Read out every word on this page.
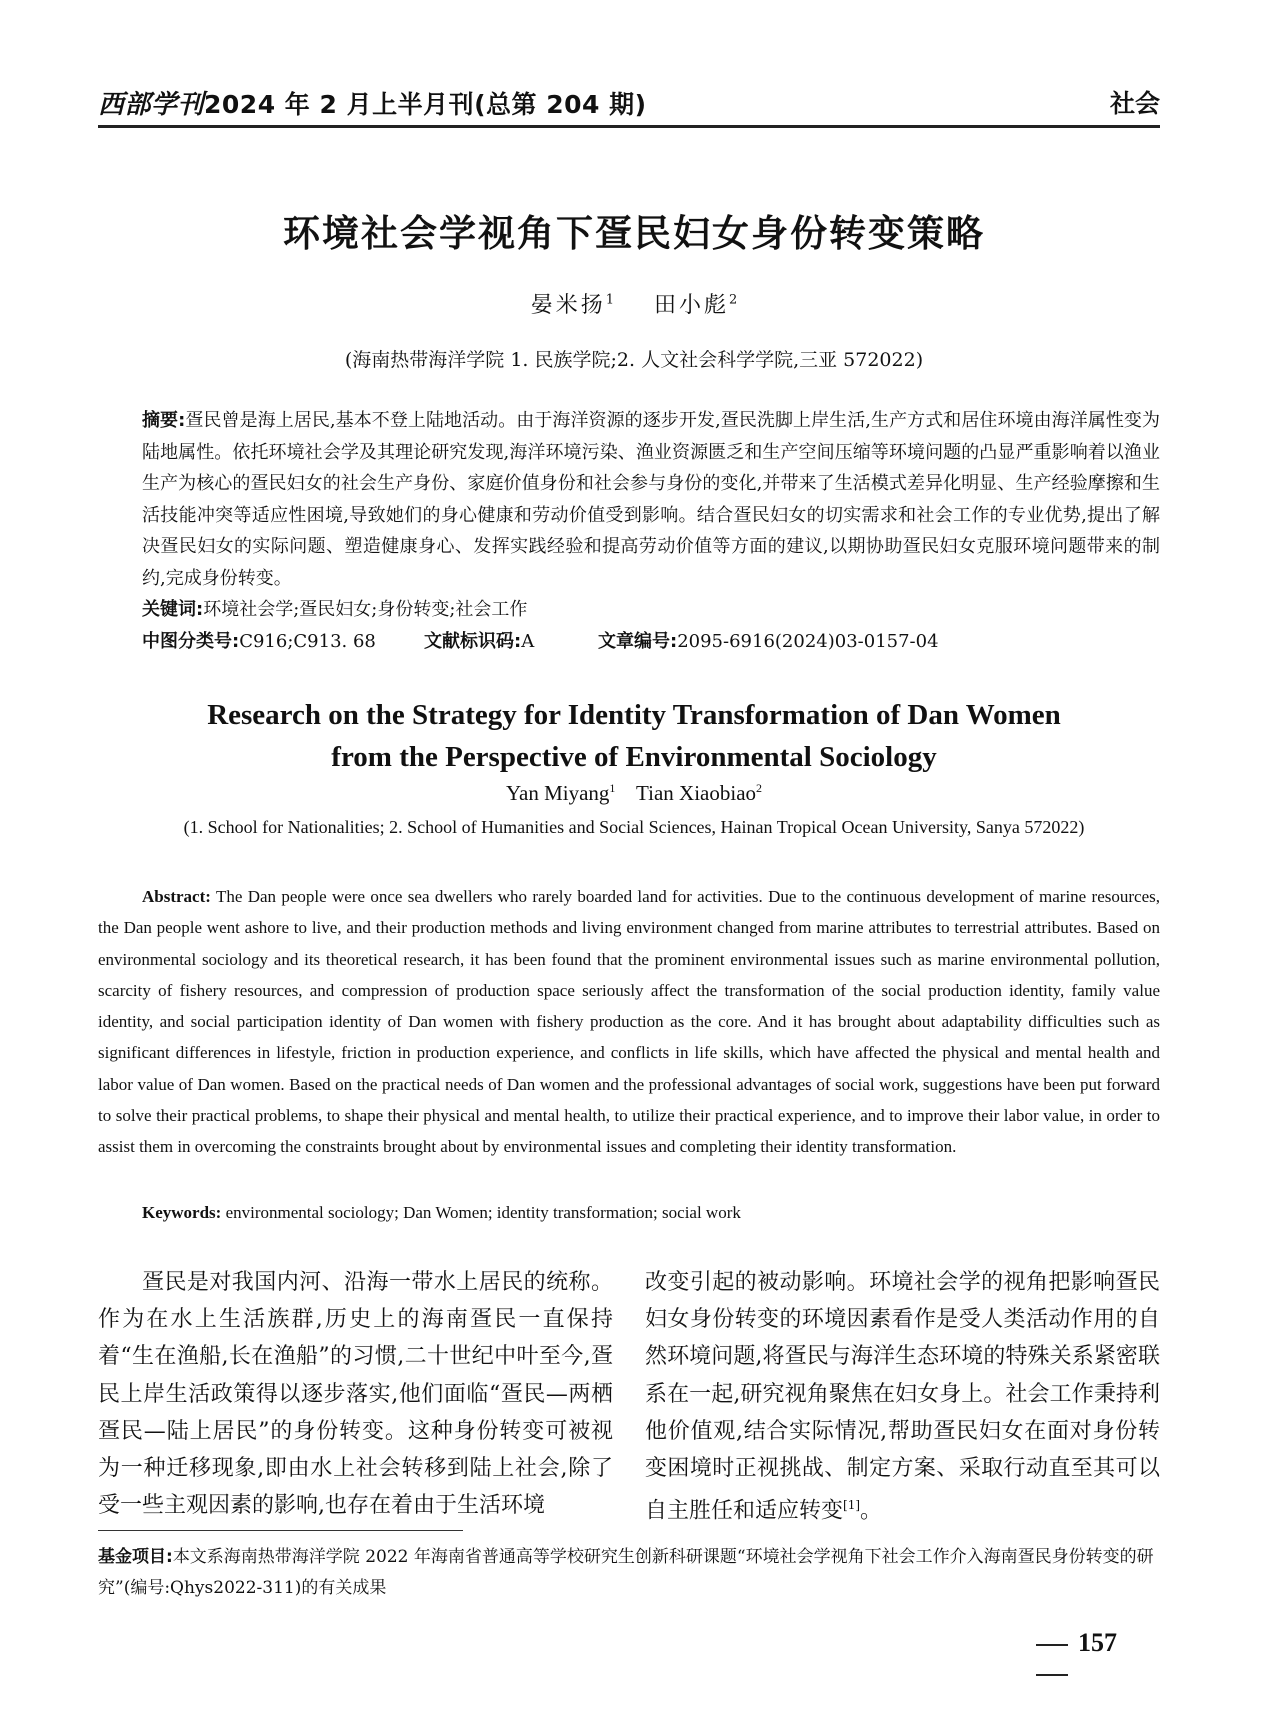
西部学刊2024 年 2 月上半月刊(总第 204 期)	社会
环境社会学视角下疍民妇女身份转变策略
晏米扬$^1$ 田小彪$^2$
(海南热带海洋学院 1. 民族学院;2. 人文社会科学学院,三亚 572022)
摘要:疍民曾是海上居民,基本不登上陆地活动。由于海洋资源的逐步开发,疍民洗脚上岸生活,生产方式和居住环境由海洋属性变为陆地属性。依托环境社会学及其理论研究发现,海洋环境污染、渔业资源匮乏和生产空间压缩等环境问题的凸显严重影响着以渔业生产为核心的疍民妇女的社会生产身份、家庭价值身份和社会参与身份的变化,并带来了生活模式差异化明显、生产经验摩擦和生活技能冲突等适应性困境,导致她们的身心健康和劳动价值受到影响。结合疍民妇女的切实需求和社会工作的专业优势,提出了解决疍民妇女的实际问题、塑造健康身心、发挥实践经验和提高劳动价值等方面的建议,以期协助疍民妇女克服环境问题带来的制约,完成身份转变。
关键词:环境社会学;疍民妇女;身份转变;社会工作
中图分类号:C916;C913. 68	文献标识码:A	文章编号:2095-6916(2024)03-0157-04
Research on the Strategy for Identity Transformation of Dan Women
from the Perspective of Environmental Sociology
Yan Miyang$^1$ Tian Xiaobiao$^2$
(1. School for Nationalities; 2. School of Humanities and Social Sciences, Hainan Tropical Ocean University, Sanya 572022)
Abstract: The Dan people were once sea dwellers who rarely boarded land for activities. Due to the continuous development of marine resources, the Dan people went ashore to live, and their production methods and living environment changed from marine attributes to terrestrial attributes. Based on environmental sociology and its theoretical research, it has been found that the prominent environmental issues such as marine environmental pollution, scarcity of fishery resources, and compression of production space seriously affect the transformation of the social production identity, family value identity, and social participation identity of Dan women with fishery production as the core. And it has brought about adaptability difficulties such as significant differences in lifestyle, friction in production experience, and conflicts in life skills, which have affected the physical and mental health and labor value of Dan women. Based on the practical needs of Dan women and the professional advantages of social work, suggestions have been put forward to solve their practical problems, to shape their physical and mental health, to utilize their practical experience, and to improve their labor value, in order to assist them in overcoming the constraints brought about by environmental issues and completing their identity transformation.
Keywords: environmental sociology; Dan Women; identity transformation; social work
疍民是对我国内河、沿海一带水上居民的统称。作为在水上生活族群,历史上的海南疍民一直保持着“生在渔船,长在渔船”的习惯,二十世纪中叶至今,疍民上岸生活政策得以逐步落实,他们面临“疍民—两栖疍民—陆上居民”的身份转变。这种身份转变可被视为一种迁移现象,即由水上社会转移到陆上社会,除了受一些主观因素的影响,也存在着由于生活环境
改变引起的被动影响。环境社会学的视角把影响疍民妇女身份转变的环境因素看作是受人类活动作用的自然环境问题,将疍民与海洋生态环境的特殊关系紧密联系在一起,研究视角聚焦在妇女身上。社会工作秉持利他价值观,结合实际情况,帮助疍民妇女在面对身份转变困境时正视挑战、制定方案、采取行动直至其可以自主胜任和适应转变[1]。
基金项目:本文系海南热带海洋学院 2022 年海南省普通高等学校研究生创新科研课题“环境社会学视角下社会工作介入海南疍民身份转变的研究”(编号:Qhys2022-311)的有关成果
157
